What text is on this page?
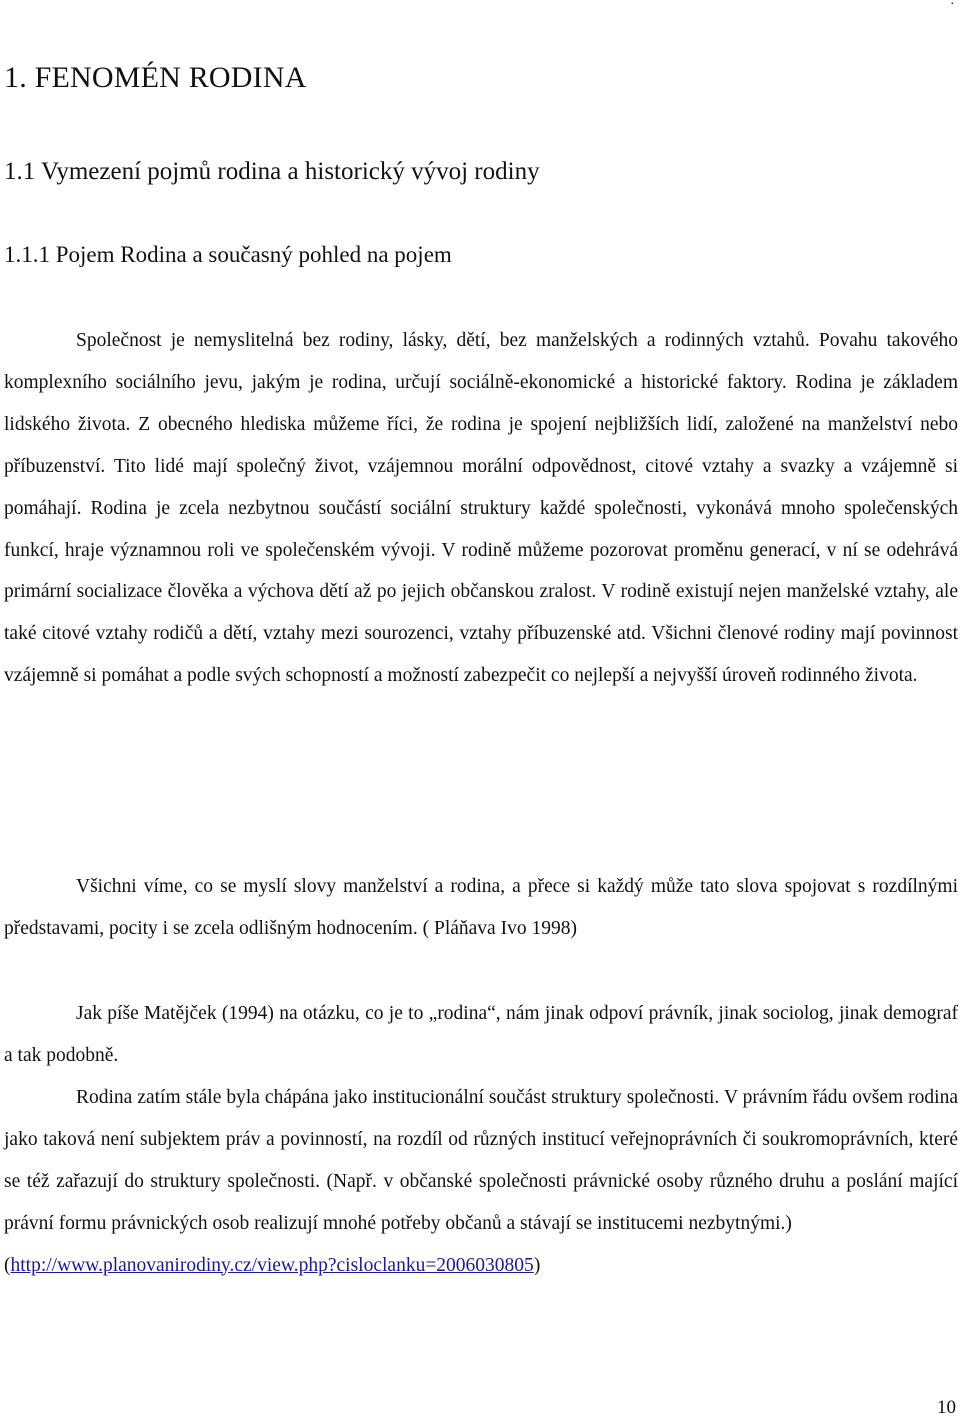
.
1. FENOMÉN RODINA
1.1 Vymezení pojmů rodina a historický vývoj rodiny
1.1.1 Pojem Rodina a současný pohled na pojem

Společnost je nemyslitelná bez rodiny, lásky, dětí, bez manželských a rodinných vztahů. Povahu takového komplexního sociálního jevu, jakým je rodina, určují sociálně-ekonomické a historické faktory. Rodina je základem lidského života. Z obecného hlediska můžeme říci, že rodina je spojení nejbližších lidí, založené na manželství nebo příbuzenství. Tito lidé mají společný život, vzájemnou morální odpovědnost, citové vztahy a svazky a vzájemně si pomáhají. Rodina je zcela nezbytnou součástí sociální struktury každé společnosti, vykonává mnoho společenských funkcí, hraje významnou roli ve společenském vývoji. V rodině můžeme pozorovat proměnu generací, v ní se odehrává primární socializace člověka a výchova dětí až po jejich občanskou zralost. V rodině existují nejen manželské vztahy, ale také citové vztahy rodičů a dětí, vztahy mezi sourozenci, vztahy příbuzenské atd. Všichni členové rodiny mají povinnost vzájemně si pomáhat a podle svých schopností a možností zabezpečit co nejlepší a nejvyšší úroveň rodinného života.

Všichni víme, co se myslí slovy manželství a rodina, a přece si každý může tato slova spojovat s rozdílnými představami, pocity i se zcela odlišným hodnocením. ( Pláňava Ivo 1998)

Jak píše Matějček (1994) na otázku, co je to „rodina“, nám jinak odpoví právník, jinak sociolog, jinak demograf a tak podobně.

Rodina zatím stále byla chápána jako institucionální součást struktury společnosti. V právním řádu ovšem rodina jako taková není subjektem práv a povinností, na rozdíl od různých institucí veřejnoprávních či soukromoprávních, které se též zařazují do struktury společnosti. (Např. v občanské společnosti právnické osoby různého druhu a poslání mající právní formu právnických osob realizují mnohé potřeby občanů a stávají se institucemi nezbytnými.)
(http://www.planovanirodiny.cz/view.php?cisloclanku=2006030805)

10
